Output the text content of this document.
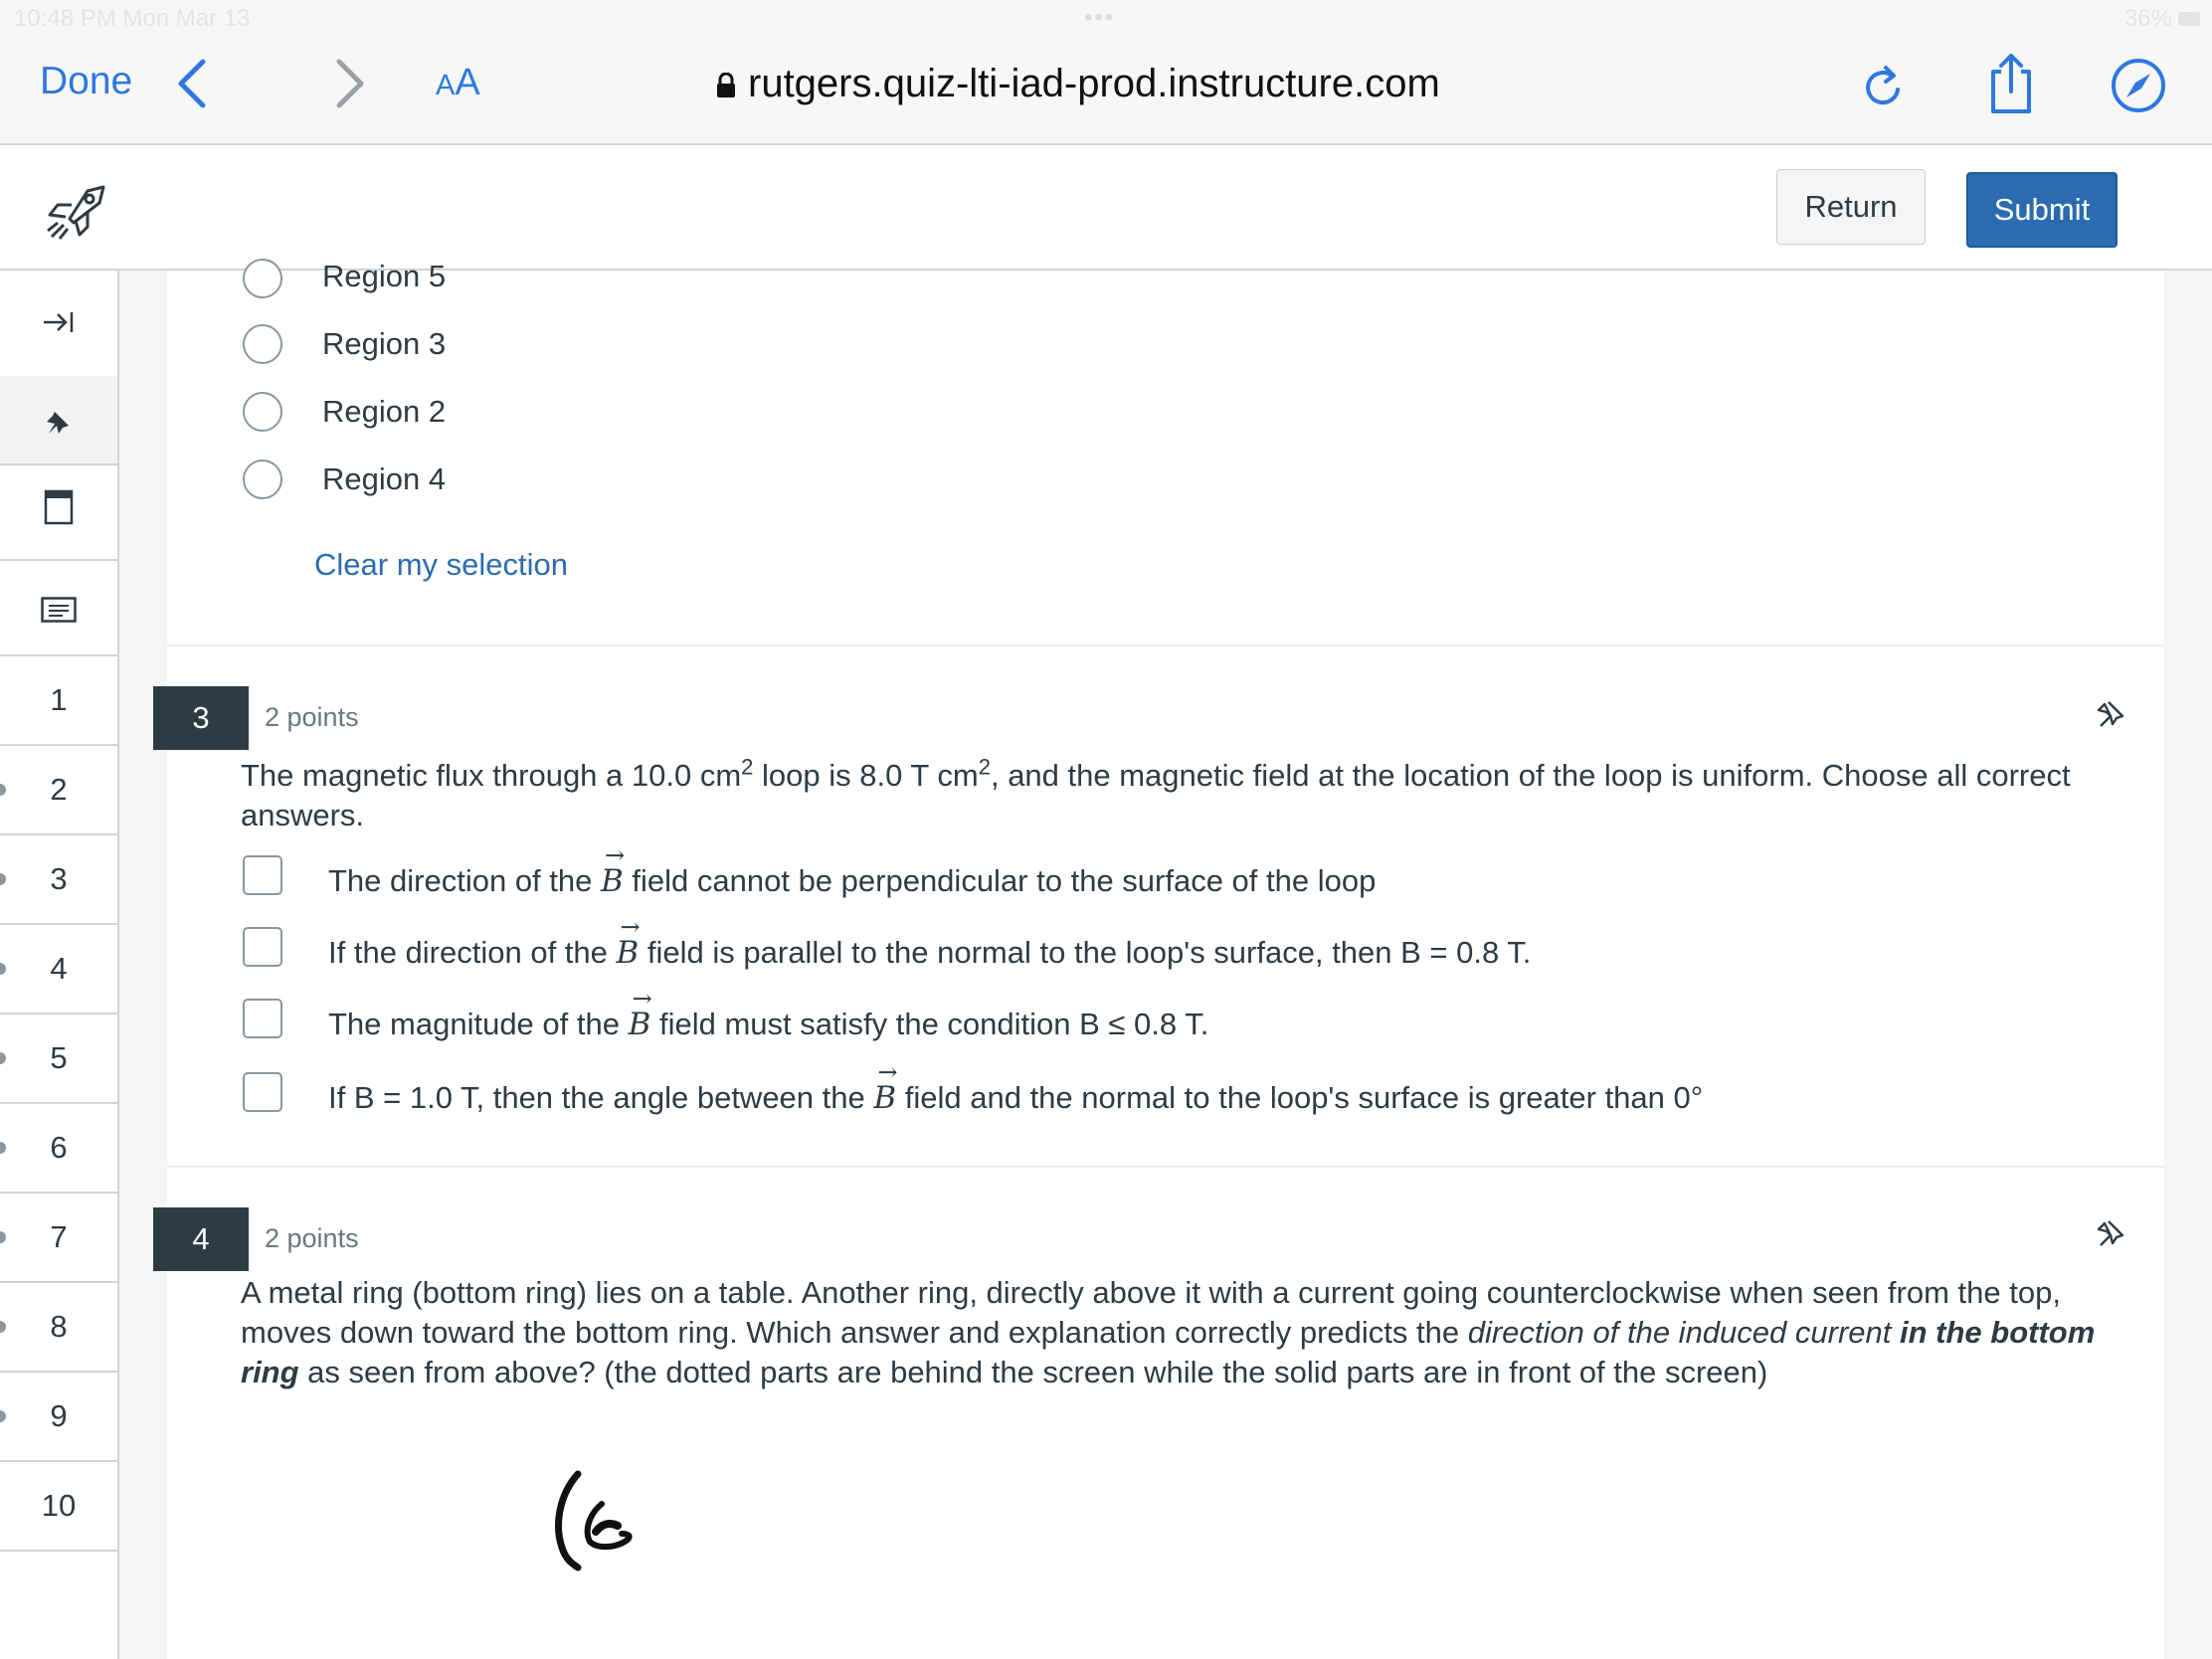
10:48 PM Mon Mar 13	•••	36%
Done	AA	rutgers.quiz-lti-iad-prod.instructure.com
Return	Submit
1
2
3
4
5
6
7
8
9
10
Region 5
Region 3
Region 2
Region 4
Clear my selection
3	2 points
The magnetic flux through a 10.0 $cm^2$ loop is 8.0 T $cm^2$, and the magnetic field at the location of the loop is uniform. Choose all correct answers.
The direction of the → B field cannot be perpendicular to the surface of the loop
If the direction of the → B field is parallel to the normal to the loop's surface, then B = 0.8 T.
The magnitude of the → B field must satisfy the condition B ≤ 0.8 T.
If B = 1.0 T, then the angle between the → B field and the normal to the loop's surface is greater than 0°
4	2 points
A metal ring (bottom ring) lies on a table. Another ring, directly above it with a current going counterclockwise when seen from the top, moves down toward the bottom ring. Which answer and explanation correctly predicts the direction of the induced current in the bottom ring as seen from above? (the dotted parts are behind the screen while the solid parts are in front of the screen)
